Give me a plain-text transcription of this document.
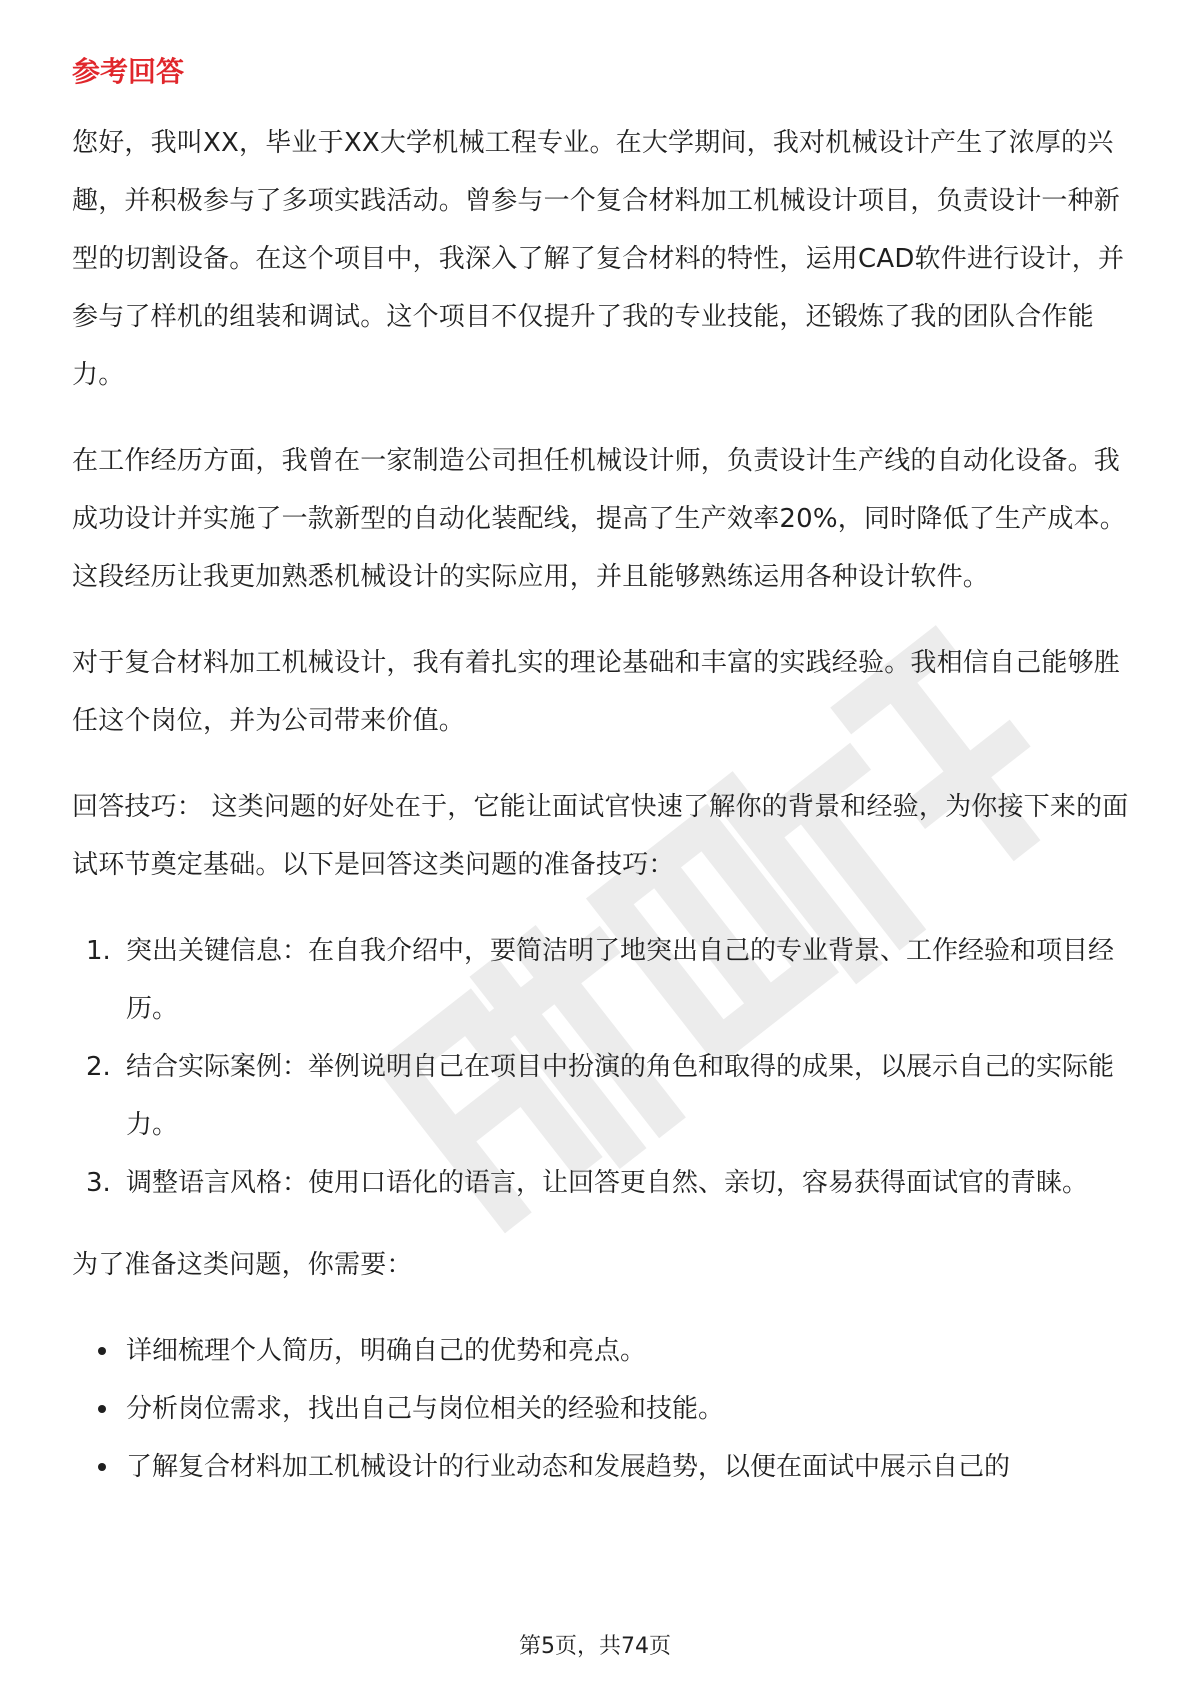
参考回答

您好，我叫XX，毕业于XX大学机械工程专业。在大学期间，我对机械设计产生了浓厚的兴趣，并积极参与了多项实践活动。曾参与一个复合材料加工机械设计项目，负责设计一种新型的切割设备。在这个项目中，我深入了解了复合材料的特性，运用CAD软件进行设计，并参与了样机的组装和调试。这个项目不仅提升了我的专业技能，还锻炼了我的团队合作能力。

在工作经历方面，我曾在一家制造公司担任机械设计师，负责设计生产线的自动化设备。我成功设计并实施了一款新型的自动化装配线，提高了生产效率20%，同时降低了生产成本。这段经历让我更加熟悉机械设计的实际应用，并且能够熟练运用各种设计软件。

对于复合材料加工机械设计，我有着扎实的理论基础和丰富的实践经验。我相信自己能够胜任这个岗位，并为公司带来价值。

回答技巧： 这类问题的好处在于，它能让面试官快速了解你的背景和经验，为你接下来的面试环节奠定基础。以下是回答这类问题的准备技巧：

1. 突出关键信息：在自我介绍中，要简洁明了地突出自己的专业背景、工作经验和项目经历。
2. 结合实际案例：举例说明自己在项目中扮演的角色和取得的成果，以展示自己的实际能力。
3. 调整语言风格：使用口语化的语言，让回答更自然、亲切，容易获得面试官的青睐。

为了准备这类问题，你需要：

详细梳理个人简历，明确自己的优势和亮点。
分析岗位需求，找出自己与岗位相关的经验和技能。
了解复合材料加工机械设计的行业动态和发展趋势，以便在面试中展示自己的
第5页，共74页
